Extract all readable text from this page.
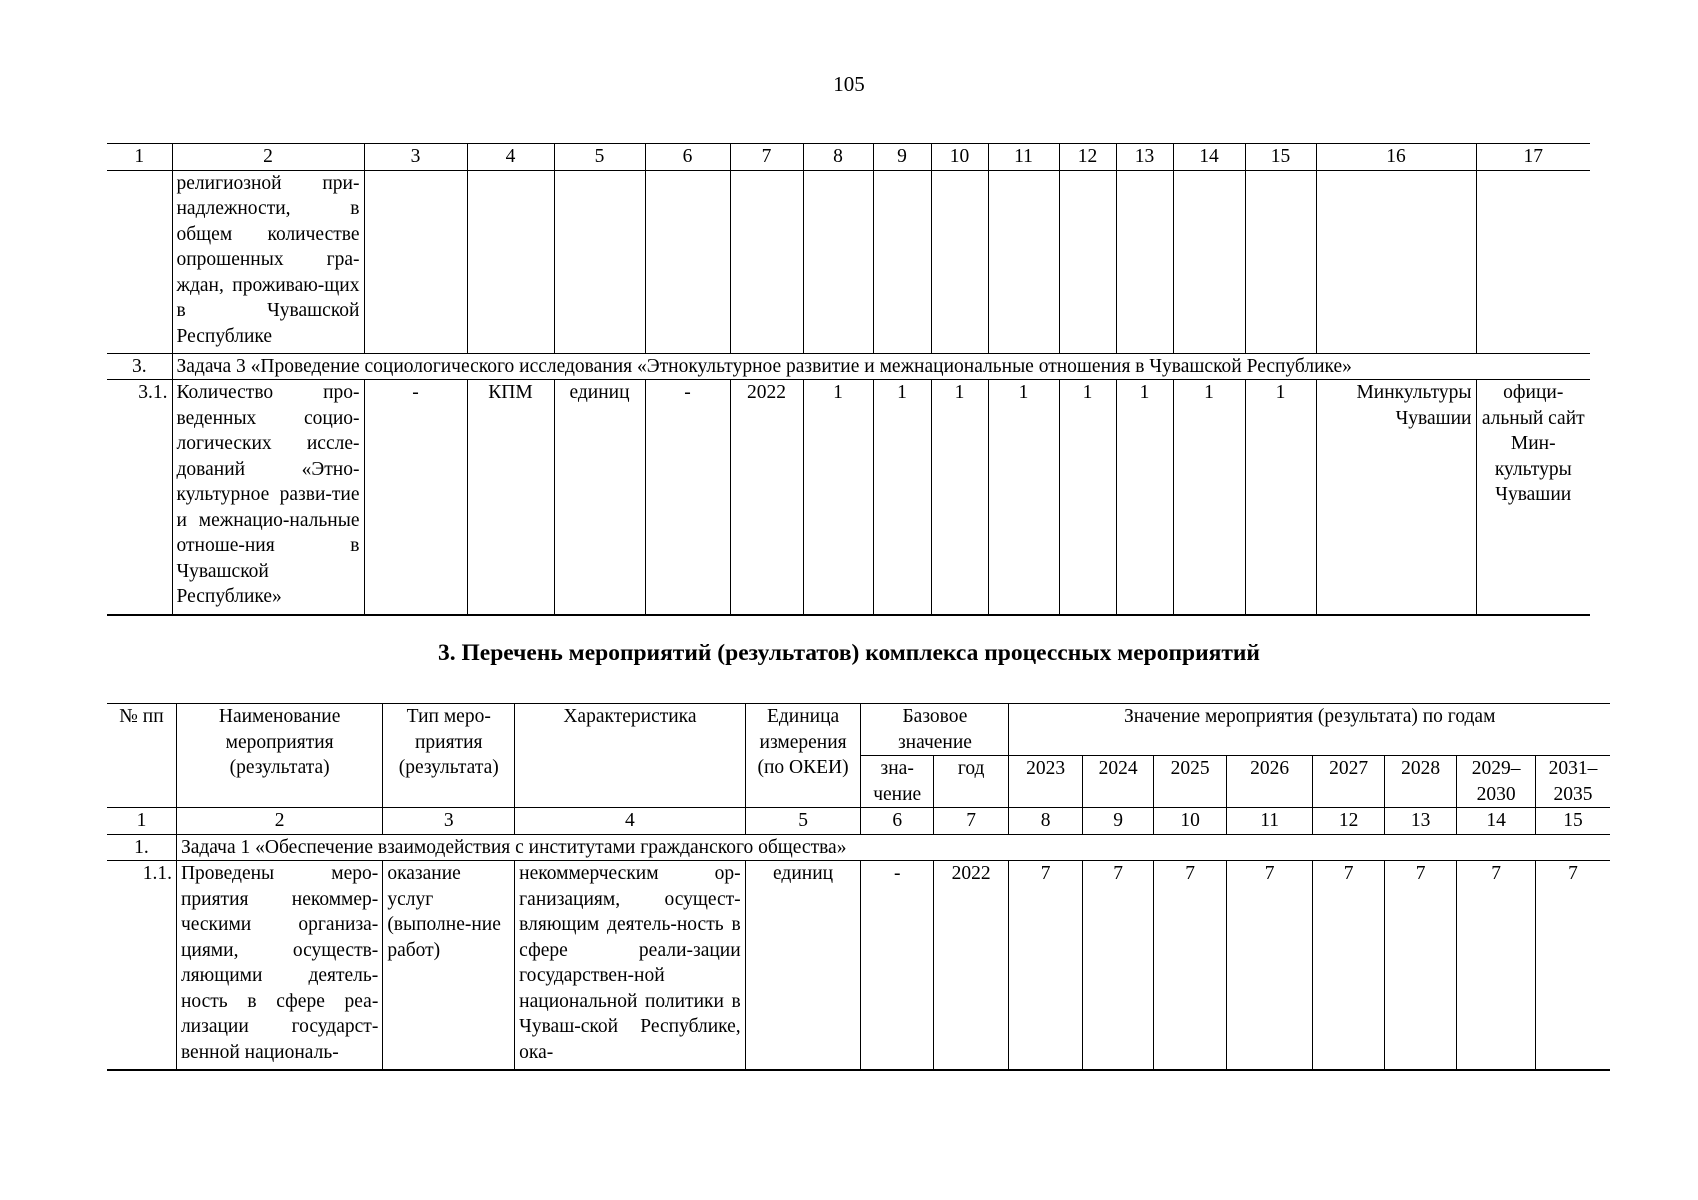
105
1	2	3	4	5	6	7	8	9	10	11	12	13	14	15	16	17
	религиозной при-надлежности, в общем количестве опрошенных гра-ждан, проживаю-щих в Чувашской Республике															
3.	Задача 3 «Проведение социологического исследования «Этнокультурное развитие и межнациональные отношения в Чувашской Республике»															
3.1.	Количество про-веденных социо-логических иссле-дований «Этно-культурное разви-тие и межнацио-нальные отноше-ния в Чувашской Республике»	-	КПМ	единиц	-	2022	1	1	1	1	1	1	1	1	Минкультуры Чувашии	офици-альный сайт Мин-культуры Чувашии
3. Перечень мероприятий (результатов) комплекса процессных мероприятий
№ пп	Наименование мероприятия (результата)	Тип меро-приятия (результата)	Характеристика	Единица измерения (по ОКЕИ)	Базовое значение		Значение мероприятия (результата) по годам							
					зна-чение	год	2023	2024	2025	2026	2027	2028	2029–2030	2031–2035
1	2	3	4	5	6	7	8	9	10	11	12	13	14	15
1.	Задача 1 «Обеспечение взаимодействия с институтами гражданского общества»													
1.1.	Проведены меро-приятия некоммер-ческими организа-циями, осуществ-ляющими деятель-ность в сфере реа-лизации государст-венной националь-	оказание услуг (выполне-ние работ)	некоммерческим ор-ганизациям, осущест-вляющим деятель-ность в сфере реали-зации государствен-ной национальной политики в Чуваш-ской Республике, ока-	единиц	-	2022	7	7	7	7	7	7	7	7
